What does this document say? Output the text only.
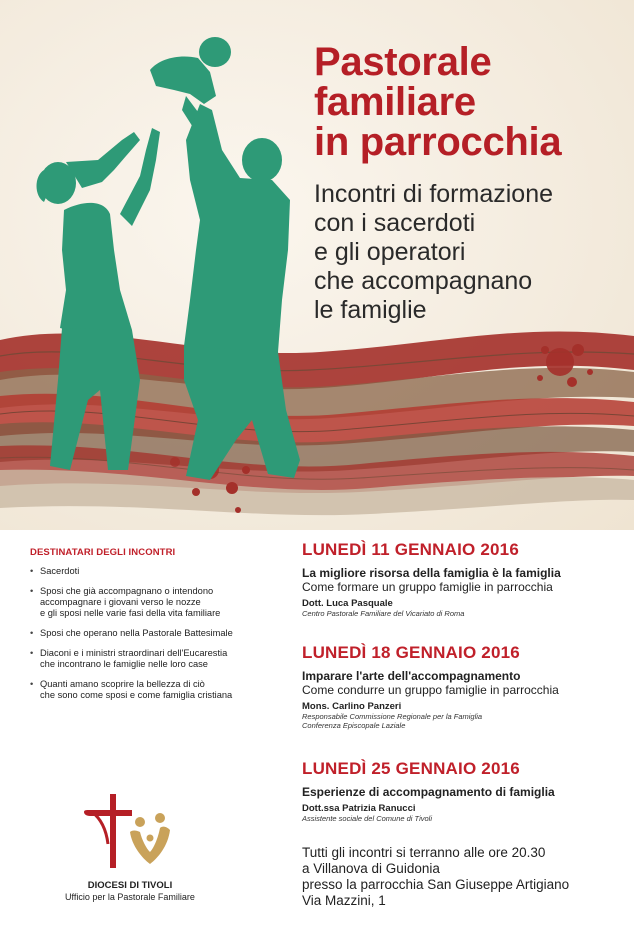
Pastorale
familiare
in parrocchia
Incontri di formazione
con i sacerdoti
e gli operatori
che accompagnano
le famiglie
DESTINATARI DEGLI INCONTRI
• Sacerdoti
• Sposi che già accompagnano o intendono
accompagnare i giovani verso le nozze
e gli sposi nelle varie fasi della vita familiare
• Sposi che operano nella Pastorale Battesimale
• Diaconi e i ministri straordinari dell'Eucarestia
che incontrano le famiglie nelle loro case
• Quanti amano scoprire la bellezza di ciò
che sono come sposi e come famiglia cristiana
LUNEDÌ 11 GENNAIO 2016
La migliore risorsa della famiglia è la famiglia
Come formare un gruppo famiglie in parrocchia
Dott. Luca Pasquale
Centro Pastorale Familiare del Vicariato di Roma
LUNEDÌ 18 GENNAIO 2016
Imparare l'arte dell'accompagnamento
Come condurre un gruppo famiglie in parrocchia
Mons. Carlino Panzeri
Responsabile Commissione Regionale per la Famiglia
Conferenza Episcopale Laziale
LUNEDÌ 25 GENNAIO 2016
Esperienze di accompagnamento di famiglia
Dott.ssa Patrizia Ranucci
Assistente sociale del Comune di Tivoli
Tutti gli incontri si terranno alle ore 20.30
a Villanova di Guidonia
presso la parrocchia San Giuseppe Artigiano
Via Mazzini, 1
DIOCESI DI TIVOLI
Ufficio per la Pastorale Familiare
